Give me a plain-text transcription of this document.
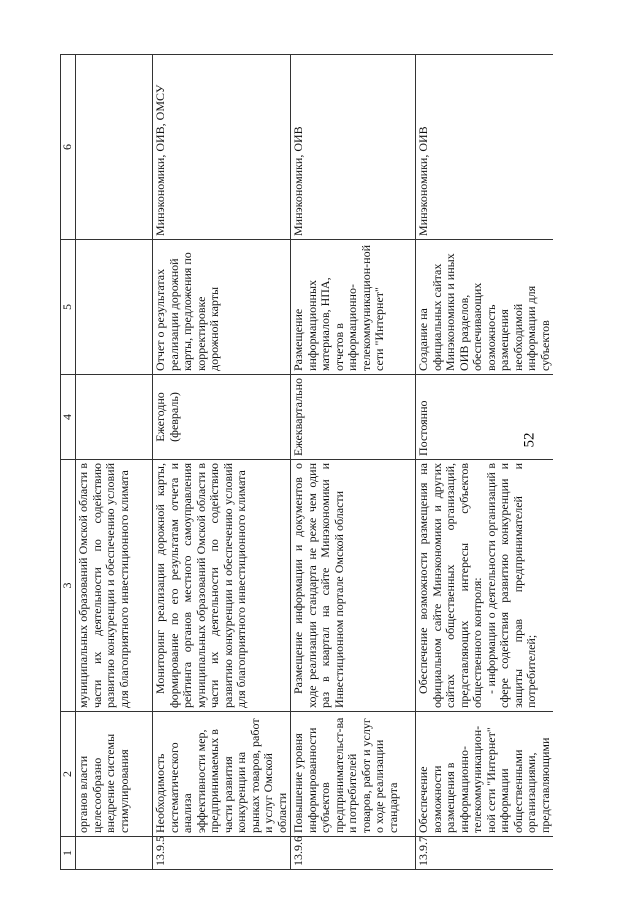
52
1	2	3	4	5	6
	органов власти целесообразно внедрение системы стимулирования	муниципальных образований Омской области в части их деятельности по содействию развитию конкуренции и обеспечению условий для благоприятного инвестиционного климата			
13.9.5	Необходимость систематического анализа эффективности мер, предпринимаемых в части развития конкуренции на рынках товаров, работ и услуг Омской области	Мониторинг реализации дорожной карты, формирование по его результатам отчета и рейтинга органов местного самоуправления муниципальных образований Омской области в части их деятельности по содействию развитию конкуренции и обеспечению условий для благоприятного инвестиционного климата	Ежегодно (февраль)	Отчет о результатах реализации дорожной карты, предложения по корректировке дорожной карты	Минэкономики, ОИВ, ОМСУ
13.9.6	Повышение уровня информированности субъектов предпринимательст-ва и потребителей товаров, работ и услуг о ходе реализации стандарта	Размещение информации и документов о ходе реализации стандарта не реже чем один раз в квартал на сайте Минэкономики и Инвестиционном портале Омской области	Ежеквартально	Размещение информационных материалов, НПА, отчетов в информационно-телекоммуникацион-ной сети "Интернет"	Минэкономики, ОИВ
13.9.7	Обеспечение возможности размещения в информационно-телекоммуникацион-ной сети "Интернет" информации общественными организациями, представляющими	Обеспечение возможности размещения на официальном сайте Минэкономики и других сайтах общественных организаций, представляющих интересы субъектов общественного контроля: - информации о деятельности организаций в сфере содействия развитию конкуренции и защиты прав предпринимателей и потребителей;	Постоянно	Создание на официальных сайтах Минэкономики и иных ОИВ разделов, обеспечивающих возможность размещения необходимой информации для субъектов	Минэкономики, ОИВ
